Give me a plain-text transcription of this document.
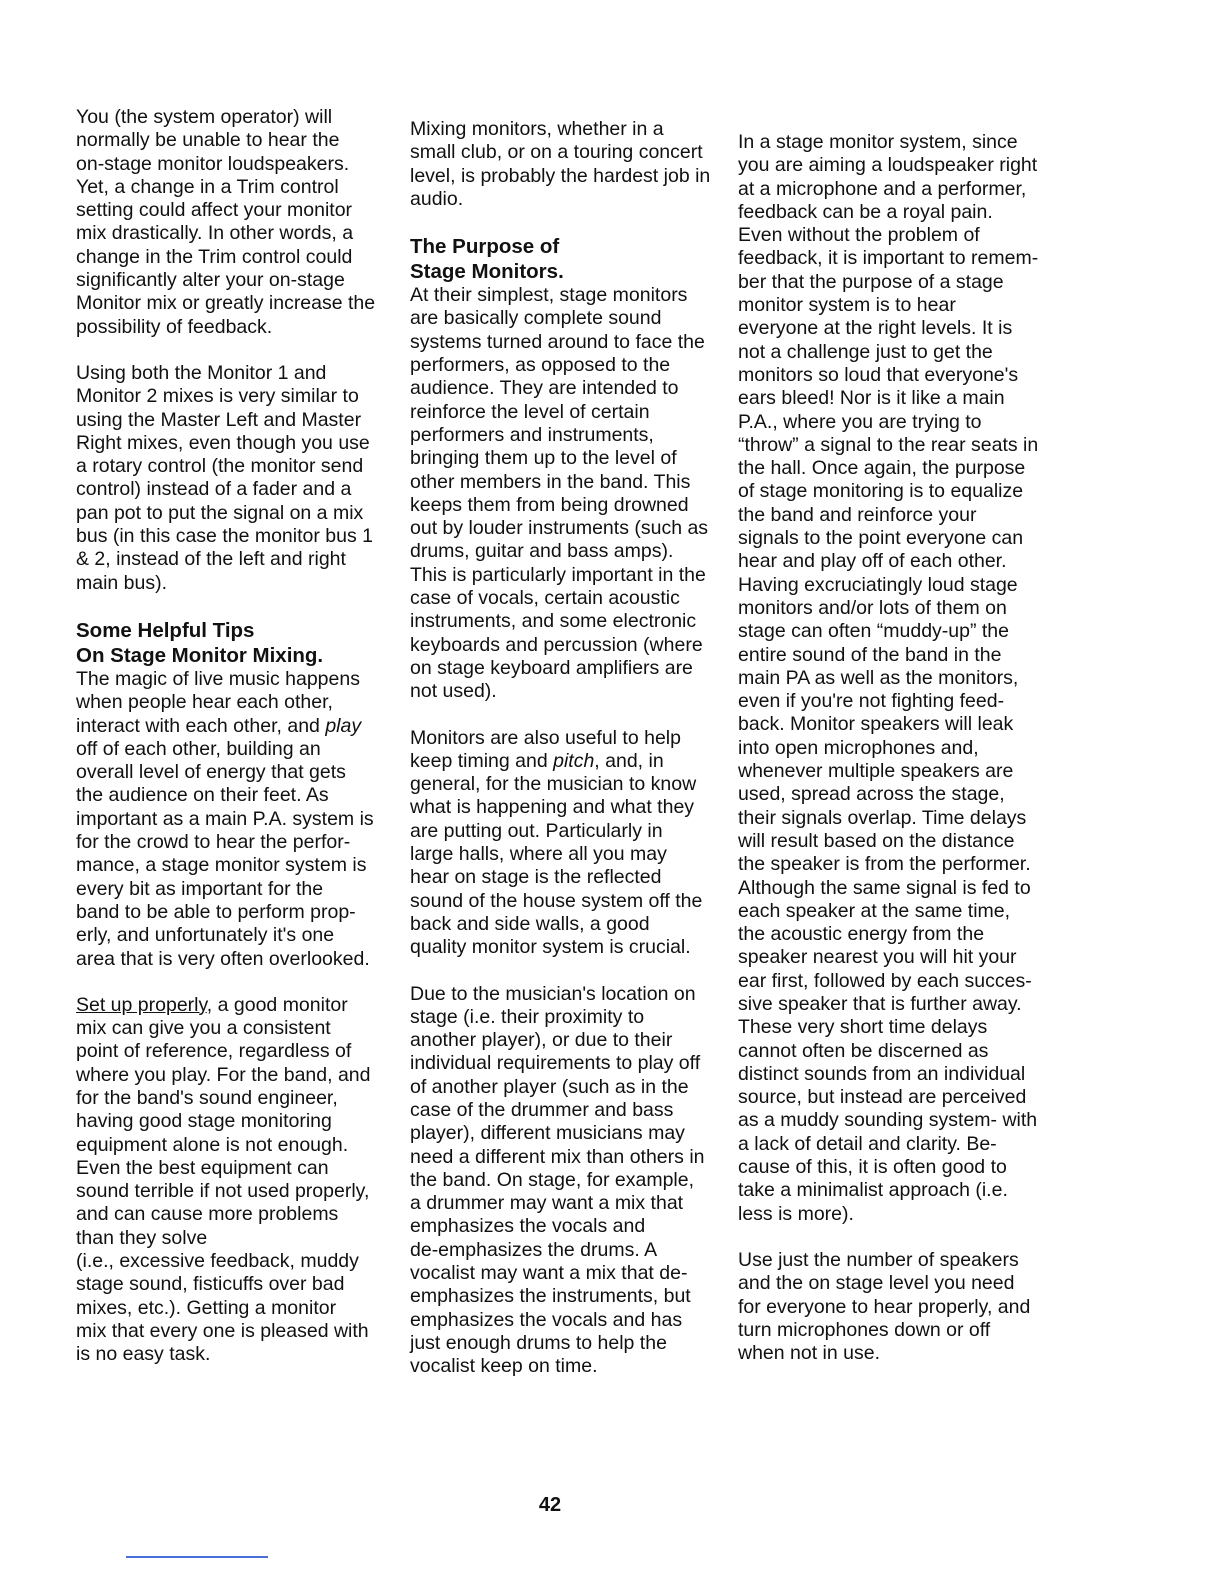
You (the system operator) will
normally be unable to hear the
on-stage monitor loudspeakers.
Yet, a change in a Trim control
setting could affect your monitor
mix drastically. In other words, a
change in the Trim control could
significantly alter your on-stage
Monitor mix or greatly increase the
possibility of feedback.
Using both the Monitor 1 and
Monitor 2 mixes is very similar to
using the Master Left and Master
Right mixes, even though you use
a rotary control (the monitor send
control) instead of a fader and a
pan pot to put the signal on a mix
bus (in this case the monitor bus 1
& 2, instead of the left and right
main bus).
Some Helpful Tips
On Stage Monitor Mixing.
The magic of live music happens
when people hear each other,
interact with each other, and play
off of each other, building an
overall level of energy that gets
the audience on their feet. As
important as a main P.A. system is
for the crowd to hear the perfor-
mance, a stage monitor system is
every bit as important for the
band to be able to perform prop-
erly, and unfortunately it's one
area that is very often overlooked.
Set up properly, a good monitor
mix can give you a consistent
point of reference, regardless of
where you play. For the band, and
for the band's sound engineer,
having good stage monitoring
equipment alone is not enough.
Even the best equipment can
sound terrible if not used properly,
and can cause more problems
than they solve
(i.e., excessive feedback, muddy
stage sound, fisticuffs over bad
mixes, etc.). Getting a monitor
mix that every one is pleased with
is no easy task.
Mixing monitors, whether in a
small club, or on a touring concert
level, is probably the hardest job in
audio.
The Purpose of
Stage Monitors.
At their simplest, stage monitors
are basically complete sound
systems turned around to face the
performers, as opposed to the
audience. They are intended to
reinforce the level of certain
performers and instruments,
bringing them up to the level of
other members in the band. This
keeps them from being drowned
out by louder instruments (such as
drums, guitar and bass amps).
This is particularly important in the
case of vocals, certain acoustic
instruments, and some electronic
keyboards and percussion (where
on stage keyboard amplifiers are
not used).
Monitors are also useful to help
keep timing and pitch, and, in
general, for the musician to know
what is happening and what they
are putting out. Particularly in
large halls, where all you may
hear on stage is the reflected
sound of the house system off the
back and side walls, a good
quality monitor system is crucial.
Due to the musician's location on
stage (i.e. their proximity to
another player), or due to their
individual requirements to play off
of another player (such as in the
case of the drummer and bass
player), different musicians may
need a different mix than others in
the band. On stage, for example,
a drummer may want a mix that
emphasizes the vocals and
de-emphasizes the drums. A
vocalist may want a mix that de-
emphasizes the instruments, but
emphasizes the vocals and has
just enough drums to help the
vocalist keep on time.
In a stage monitor system, since
you are aiming a loudspeaker right
at a microphone and a performer,
feedback can be a royal pain.
Even without the problem of
feedback, it is important to remem-
ber that the purpose of a stage
monitor system is to hear
everyone at the right levels. It is
not a challenge just to get the
monitors so loud that everyone's
ears bleed! Nor is it like a main
P.A., where you are trying to
“throw” a signal to the rear seats in
the hall. Once again, the purpose
of stage monitoring is to equalize
the band and reinforce your
signals to the point everyone can
hear and play off of each other.
Having excruciatingly loud stage
monitors and/or lots of them on
stage can often “muddy-up” the
entire sound of the band in the
main PA as well as the monitors,
even if you're not fighting feed-
back. Monitor speakers will leak
into open microphones and,
whenever multiple speakers are
used, spread across the stage,
their signals overlap. Time delays
will result based on the distance
the speaker is from the performer.
Although the same signal is fed to
each speaker at the same time,
the acoustic energy from the
speaker nearest you will hit your
ear first, followed by each succes-
sive speaker that is further away.
These very short time delays
cannot often be discerned as
distinct sounds from an individual
source, but instead are perceived
as a muddy sounding system- with
a lack of detail and clarity. Be-
cause of this, it is often good to
take a minimalist approach (i.e.
less is more).
Use just the number of speakers
and the on stage level you need
for everyone to hear properly, and
turn microphones down or off
when not in use.
42
